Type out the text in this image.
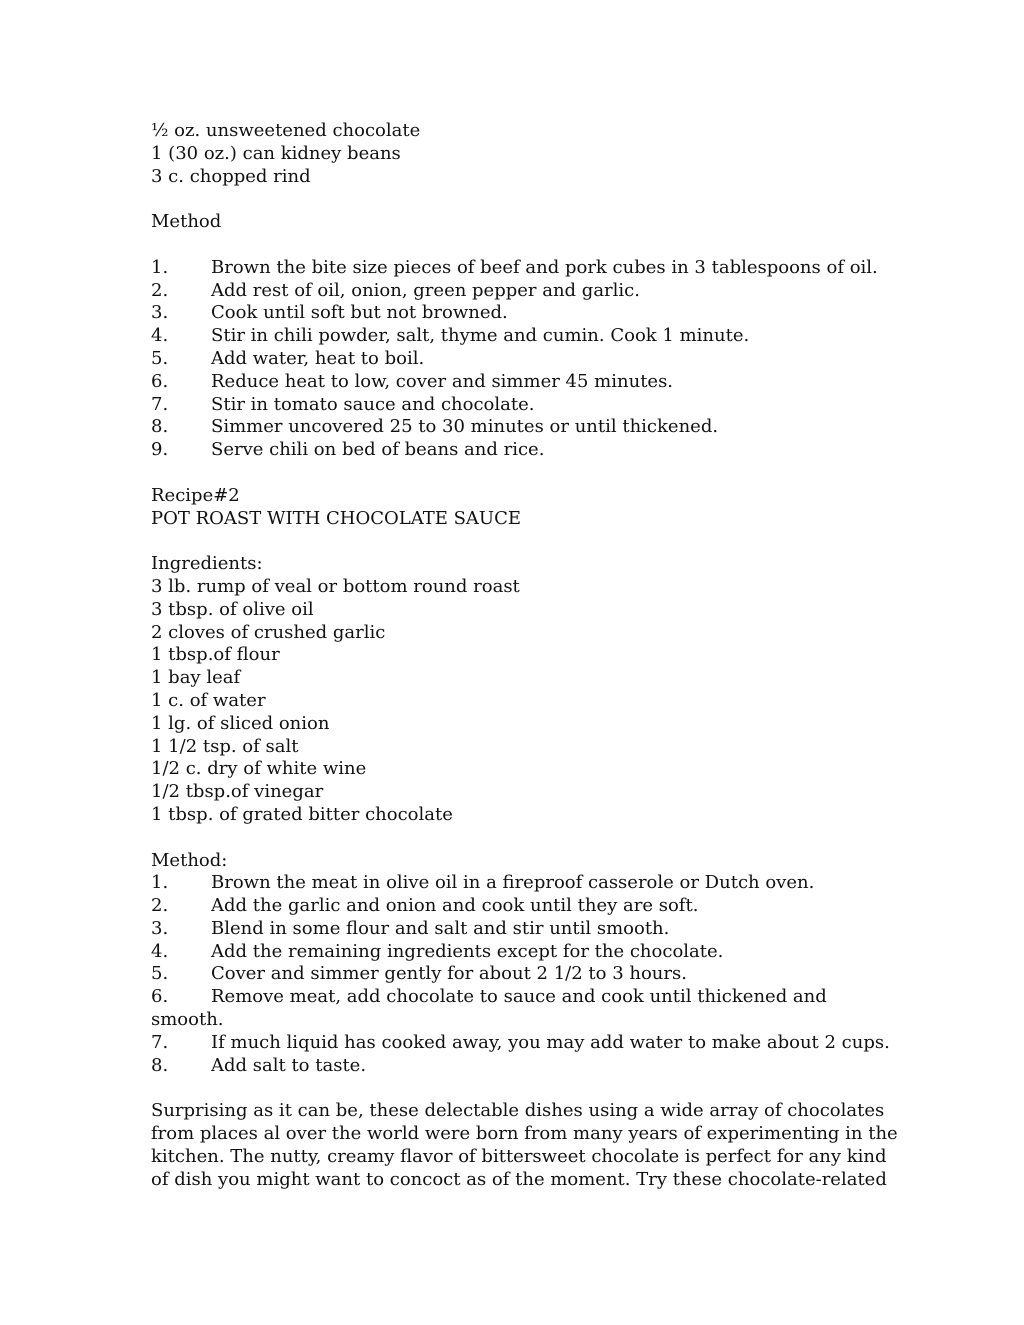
½ oz. unsweetened chocolate
1 (30 oz.) can kidney beans
3 c. chopped rind
Method
1.	Brown the bite size pieces of beef and pork cubes in 3 tablespoons of oil.
2.	Add rest of oil, onion, green pepper and garlic.
3.	Cook until soft but not browned.
4.	Stir in chili powder, salt, thyme and cumin. Cook 1 minute.
5.	Add water, heat to boil.
6.	Reduce heat to low, cover and simmer 45 minutes.
7.	Stir in tomato sauce and chocolate.
8.	Simmer uncovered 25 to 30 minutes or until thickened.
9.	Serve chili on bed of beans and rice.
Recipe#2
POT ROAST WITH CHOCOLATE SAUCE
Ingredients:
3 lb. rump of veal or bottom round roast
3 tbsp. of olive oil
2 cloves of crushed garlic
1 tbsp.of flour
1 bay leaf
1 c. of water
1 lg. of sliced onion
1 1/2 tsp. of salt
1/2 c. dry of white wine
1/2 tbsp.of vinegar
1 tbsp. of grated bitter chocolate
Method:
1.	Brown the meat in olive oil in a fireproof casserole or Dutch oven.
2.	Add the garlic and onion and cook until they are soft.
3.	Blend in some flour and salt and stir until smooth.
4.	Add the remaining ingredients except for the chocolate.
5.	Cover and simmer gently for about 2 1/2 to 3 hours.
6.	Remove meat, add chocolate to sauce and cook until thickened and
smooth.
7.	If much liquid has cooked away, you may add water to make about 2 cups.
8.	Add salt to taste.
Surprising as it can be, these delectable dishes using a wide array of chocolates
from places al over the world were born from many years of experimenting in the
kitchen. The nutty, creamy flavor of bittersweet chocolate is perfect for any kind
of dish you might want to concoct as of the moment. Try these chocolate-related
